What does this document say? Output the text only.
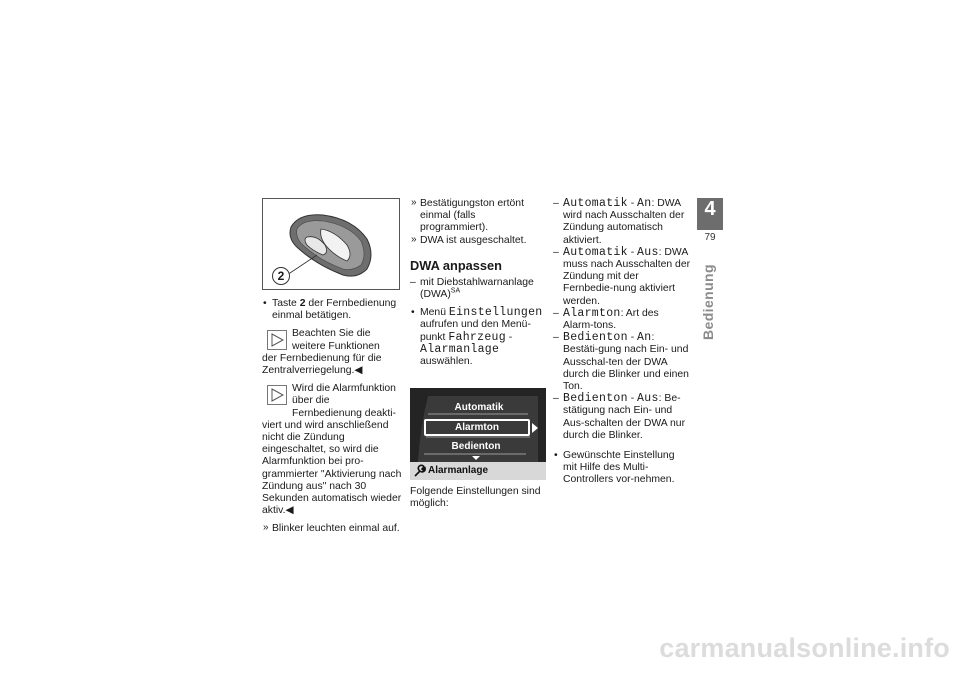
2

• Taste 2 der Fernbedienung einmal betätigen.

Beachten Sie die weitere Funktionen
der Fernbedienung für die Zentralverriegelung.◀
Wird die Alarmfunktion über die Fernbedienung deakti-
viert und wird anschließend nicht die Zündung eingeschaltet, so wird die Alarmfunktion bei pro-grammierter "Aktivierung nach Zündung aus" nach 30 Sekunden automatisch wieder aktiv.◀

» Blinker leuchten einmal auf.

» Bestätigungston ertönt einmal (falls programmiert).

» DWA ist ausgeschaltet.

DWA anpassen

– mit Diebstahlwarnanlage (DWA)$^{SA}$

• Menü Einstellungen aufrufen und den Menü-punkt Fahrzeug - Alarmanlage auswählen.

Automatik
Alarmton
Bedienton
Alarmanlage

Folgende Einstellungen sind möglich:

– Automatik - An: DWA wird nach Ausschalten der Zündung automatisch aktiviert.

– Automatik - Aus: DWA muss nach Ausschalten der Zündung mit der Fernbedie-nung aktiviert werden.

– Alarmton: Art des Alarm-tons.

– Bedienton - An: Bestäti-gung nach Ein- und Ausschal-ten der DWA durch die Blinker und einen Ton.

– Bedienton - Aus: Be-stätigung nach Ein- und Aus-schalten der DWA nur durch die Blinker.

• Gewünschte Einstellung mit Hilfe des Multi-Controllers vor-nehmen.

4
79
Bedienung
carmanualsonline.info
